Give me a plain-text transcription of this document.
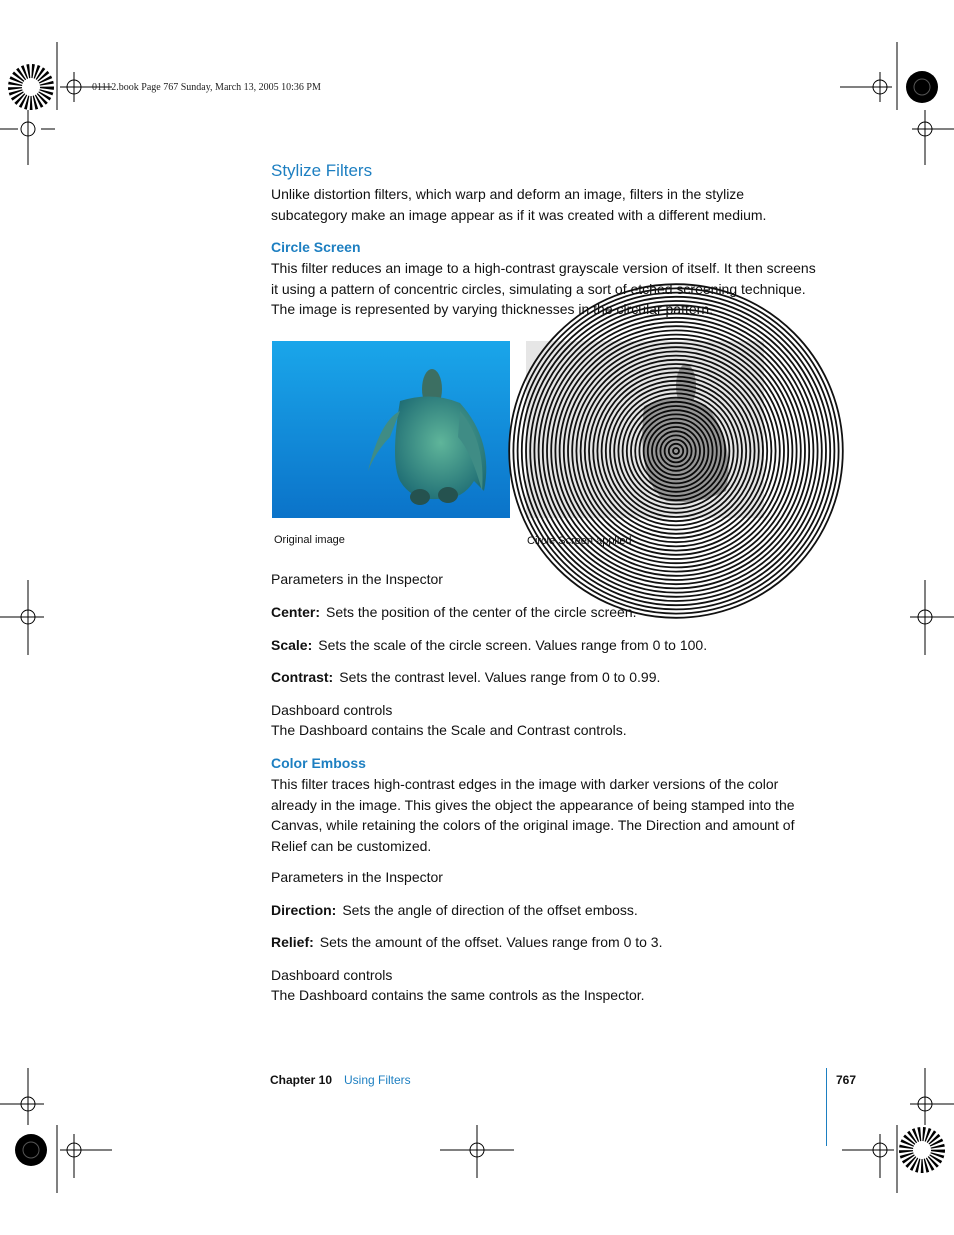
01112.book Page 767 Sunday, March 13, 2005 10:36 PM
Stylize Filters
Unlike distortion filters, which warp and deform an image, filters in the stylize
subcategory make an image appear as if it was created with a different medium.
Circle Screen
This filter reduces an image to a high-contrast grayscale version of itself. It then screens
it using a pattern of concentric circles, simulating a sort of etched screening technique.
The image is represented by varying thicknesses in the circular pattern.
Original image	Circle Screen applied
Parameters in the Inspector
Center: Sets the position of the center of the circle screen.
Scale: Sets the scale of the circle screen. Values range from 0 to 100.
Contrast: Sets the contrast level. Values range from 0 to 0.99.
Dashboard controls
The Dashboard contains the Scale and Contrast controls.
Color Emboss
This filter traces high-contrast edges in the image with darker versions of the color
already in the image. This gives the object the appearance of being stamped into the
Canvas, while retaining the colors of the original image. The Direction and amount of
Relief can be customized.
Parameters in the Inspector
Direction: Sets the angle of direction of the offset emboss.
Relief: Sets the amount of the offset. Values range from 0 to 3.
Dashboard controls
The Dashboard contains the same controls as the Inspector.
Chapter 10 Using Filters	767
